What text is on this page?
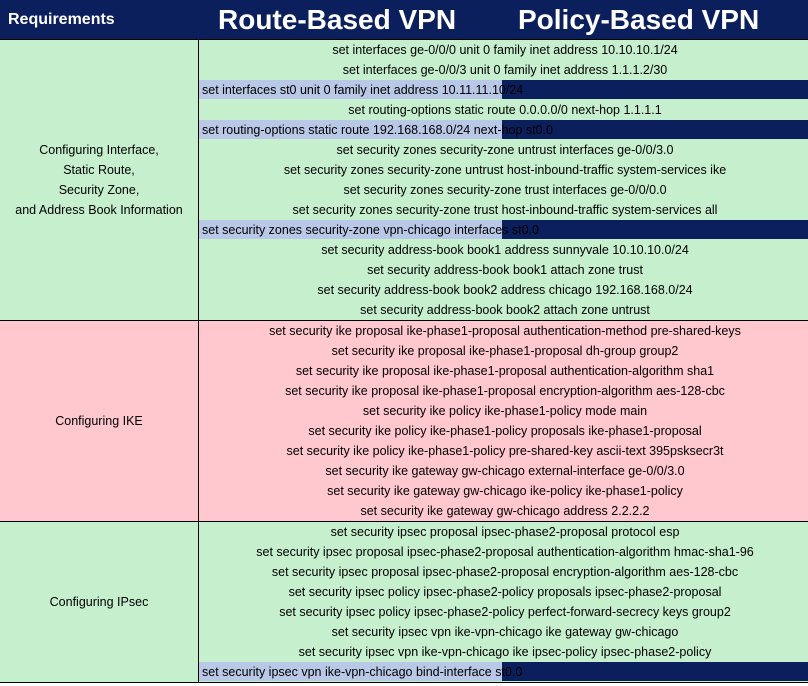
Requirements	Route-Based VPN Policy-Based VPN
Configuring Interface,
Static Route,
Security Zone,
and Address Book Information
set interfaces ge-0/0/0 unit 0 family inet address 10.10.10.1/24
set interfaces ge-0/0/3 unit 0 family inet address 1.1.1.2/30
set interfaces st0 unit 0 family inet address 10.11.11.10/24
set routing-options static route 0.0.0.0/0 next-hop 1.1.1.1
set routing-options static route 192.168.168.0/24 next-hop st0.0
set security zones security-zone untrust interfaces ge-0/0/3.0
set security zones security-zone untrust host-inbound-traffic system-services ike
set security zones security-zone trust interfaces ge-0/0/0.0
set security zones security-zone trust host-inbound-traffic system-services all
set security zones security-zone vpn-chicago interfaces st0.0
set security address-book book1 address sunnyvale 10.10.10.0/24
set security address-book book1 attach zone trust
set security address-book book2 address chicago 192.168.168.0/24
set security address-book book2 attach zone untrust
Configuring IKE
set security ike proposal ike-phase1-proposal authentication-method pre-shared-keys
set security ike proposal ike-phase1-proposal dh-group group2
set security ike proposal ike-phase1-proposal authentication-algorithm sha1
set security ike proposal ike-phase1-proposal encryption-algorithm aes-128-cbc
set security ike policy ike-phase1-policy mode main
set security ike policy ike-phase1-policy proposals ike-phase1-proposal
set security ike policy ike-phase1-policy pre-shared-key ascii-text 395psksecr3t
set security ike gateway gw-chicago external-interface ge-0/0/3.0
set security ike gateway gw-chicago ike-policy ike-phase1-policy
set security ike gateway gw-chicago address 2.2.2.2
Configuring IPsec
set security ipsec proposal ipsec-phase2-proposal protocol esp
set security ipsec proposal ipsec-phase2-proposal authentication-algorithm hmac-sha1-96
set security ipsec proposal ipsec-phase2-proposal encryption-algorithm aes-128-cbc
set security ipsec policy ipsec-phase2-policy proposals ipsec-phase2-proposal
set security ipsec policy ipsec-phase2-policy perfect-forward-secrecy keys group2
set security ipsec vpn ike-vpn-chicago ike gateway gw-chicago
set security ipsec vpn ike-vpn-chicago ike ipsec-policy ipsec-phase2-policy
set security ipsec vpn ike-vpn-chicago bind-interface st0.0
